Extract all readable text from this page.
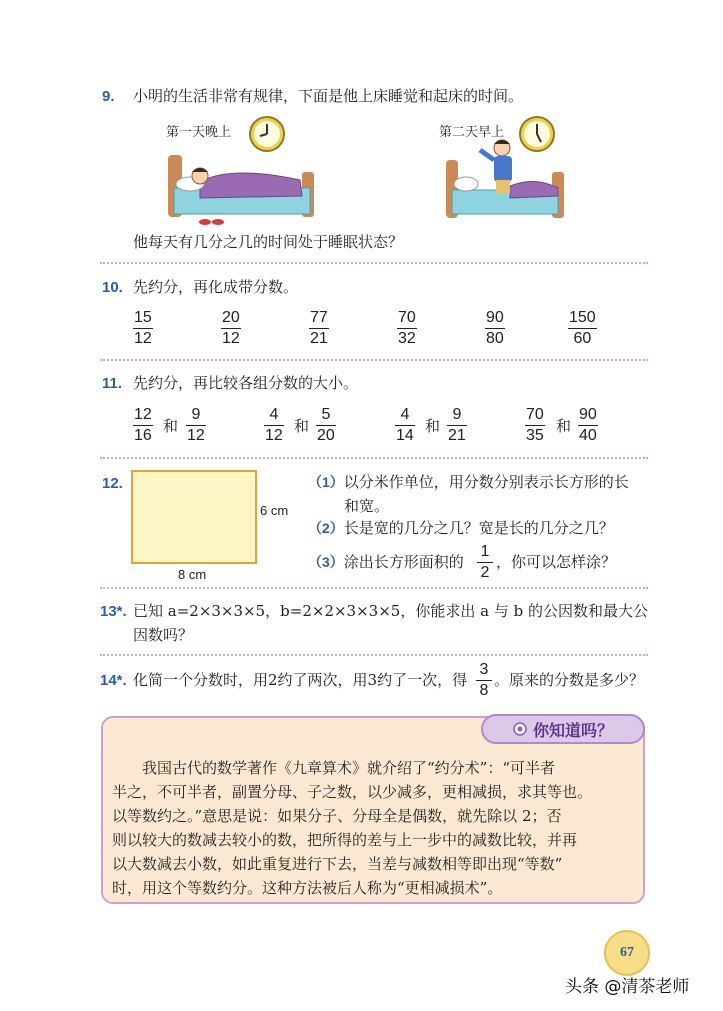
9. 小明的生活非常有规律，下面是他上床睡觉和起床的时间。
第一天晚上	第二天早上
他每天有几分之几的时间处于睡眠状态？
10. 先约分，再化成带分数。
15
12
20
12
77
21
70
32
90
80
150
60
11. 先约分，再比较各组分数的大小。
12
16
和
9
12
4
12
和
5
20
4
14
和
9
21
70
35
和
90
40
12.
6 cm
8 cm
（1）以分米作单位，用分数分别表示长方形的长
和宽。
（2）长是宽的几分之几？宽是长的几分之几？
（3）涂出长方形面积的
1
2
，你可以怎样涂？
13*. 已知 a=2×3×3×5，b=2×2×3×3×5，你能求出 a 与 b 的公因数和最大公
因数吗？
14*. 化简一个分数时，用2约了两次，用3约了一次，得
3
8
。原来的分数是多少？
你知道吗？
　　我国古代的数学著作《九章算术》就介绍了“约分术”：“可半者
半之，不可半者，副置分母、子之数，以少减多，更相减损，求其等也。
以等数约之。”意思是说：如果分子、分母全是偶数，就先除以 2；否
则以较大的数减去较小的数，把所得的差与上一步中的减数比较，并再
以大数减去小数，如此重复进行下去，当差与减数相等即出现“等数”
时，用这个等数约分。这种方法被后人称为“更相减损术”。
67
头条 @清茶老师
